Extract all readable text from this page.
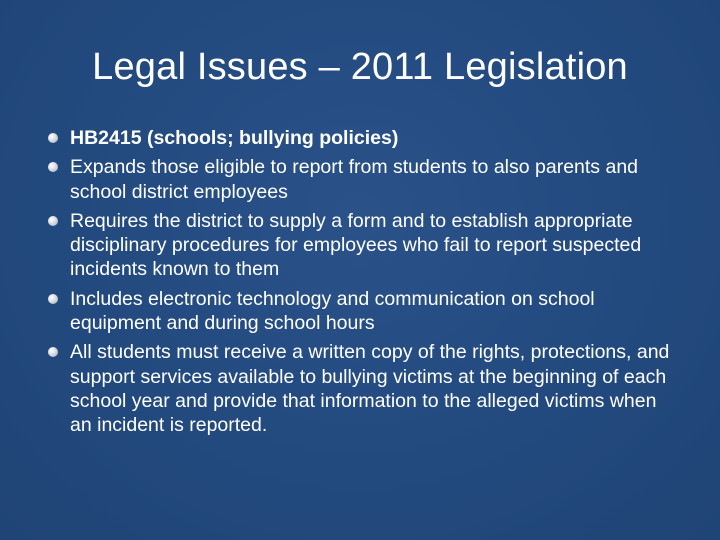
Legal Issues – 2011 Legislation
HB2415 (schools; bullying policies)
Expands those eligible to report from students to also parents and school district employees
Requires the district to supply a form and to establish appropriate disciplinary procedures for employees who fail to report suspected incidents known to them
Includes electronic technology and communication on school equipment and during school hours
All students must receive a written copy of the rights, protections, and support services available to bullying victims at the beginning of each school year and provide that information to the alleged victims when an incident is reported.
